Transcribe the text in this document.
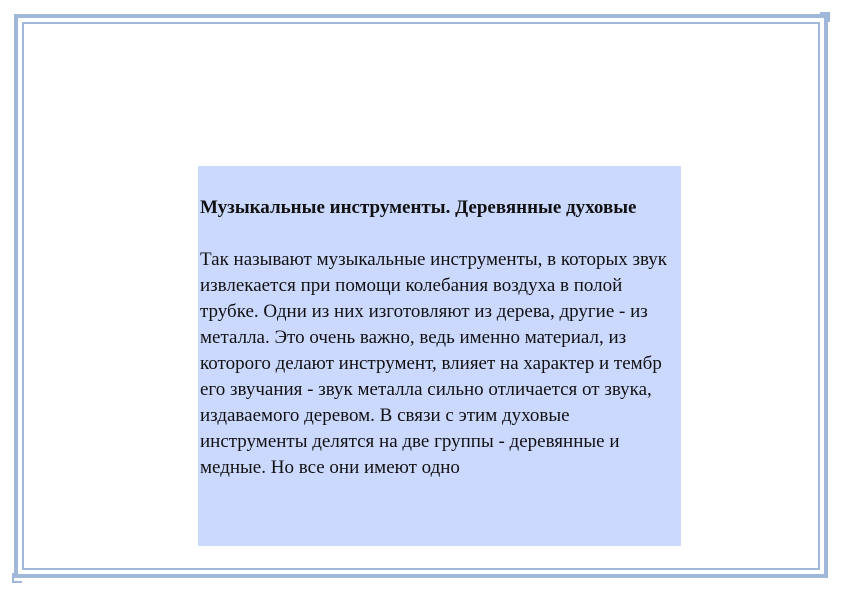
Музыкальные инструменты. Деревянные духовые

Так называют музыкальные инструменты, в которых звук извлекается при помощи колебания воздуха в полой трубке. Одни из них изготовляют из дерева, другие - из металла. Это очень важно, ведь именно материал, из которого делают инструмент, влияет на характер и тембр его звучания - звук металла сильно отличается от звука, издаваемого деревом. В связи с этим духовые инструменты делятся на две группы - деревянные и медные. Но все они имеют одно
